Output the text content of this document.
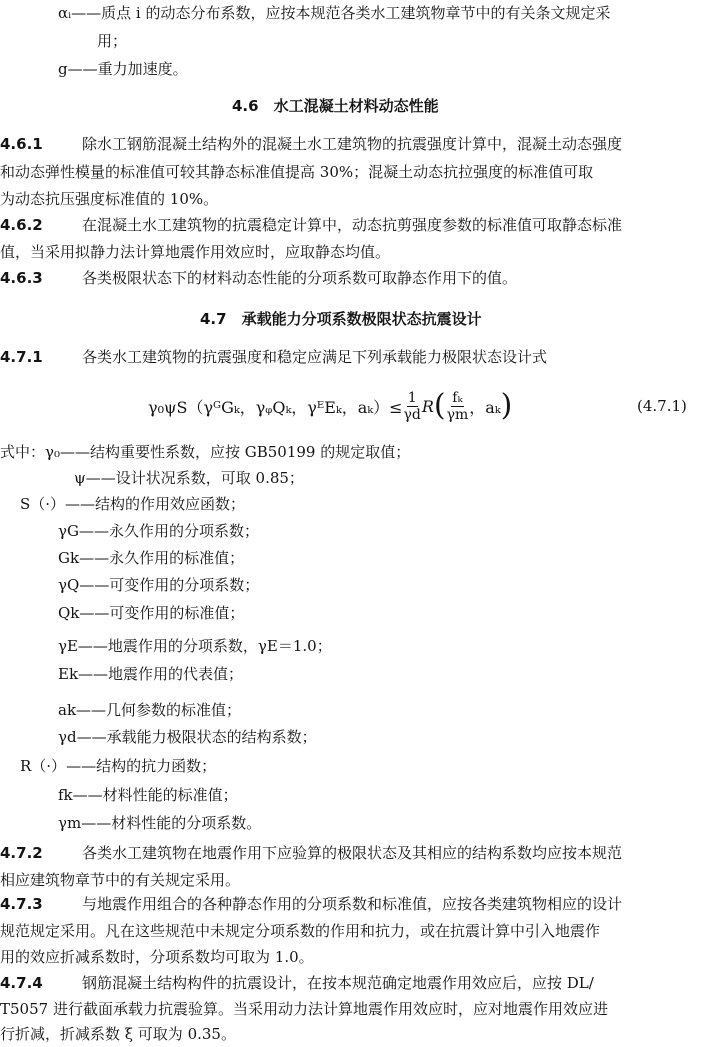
αᵢ——质点 i 的动态分布系数，应按本规范各类水工建筑物章节中的有关条文规定采
用；
g——重力加速度。
4.6　水工混凝土材料动态性能
4.6.1	除水工钢筋混凝土结构外的混凝土水工建筑物的抗震强度计算中，混凝土动态强度
和动态弹性模量的标准值可较其静态标准值提高 30%；混凝土动态抗拉强度的标准值可取
为动态抗压强度标准值的 10%。
4.6.2	在混凝土水工建筑物的抗震稳定计算中，动态抗剪强度参数的标准值可取静态标准
值，当采用拟静力法计算地震作用效应时，应取静态均值。
4.6.3	各类极限状态下的材料动态性能的分项系数可取静态作用下的值。
4.7　承载能力分项系数极限状态抗震设计
4.7.1	各类水工建筑物的抗震强度和稳定应满足下列承载能力极限状态设计式
γ₀ψS（γᴳGₖ，γᵩQₖ，γᴱEₖ，$a_k)\le \frac{1}{\gamma d}$ R ( $\frac{\text{fₖ}}{\gamma m}$ ，aₖ )	(4.7.1)
式中：γ₀——结构重要性系数，应按 GB50199 的规定取值；
ψ——设计状况系数，可取 0.85；
S（·）——结构的作用效应函数；
γG——永久作用的分项系数；
Gk——永久作用的标准值；
γQ——可变作用的分项系数；
Qk——可变作用的标准值；
γE——地震作用的分项系数，γE＝1.0；
Ek——地震作用的代表值；
ak——几何参数的标准值；
γd——承载能力极限状态的结构系数；
R（·）——结构的抗力函数；
fk——材料性能的标准值；
γm——材料性能的分项系数。
4.7.2	各类水工建筑物在地震作用下应验算的极限状态及其相应的结构系数均应按本规范
相应建筑物章节中的有关规定采用。
4.7.3	与地震作用组合的各种静态作用的分项系数和标准值，应按各类建筑物相应的设计
规范规定采用。凡在这些规范中未规定分项系数的作用和抗力，或在抗震计算中引入地震作
用的效应折减系数时，分项系数均可取为 1.0。
4.7.4	钢筋混凝土结构构件的抗震设计，在按本规范确定地震作用效应后，应按 DL/
T5057 进行截面承载力抗震验算。当采用动力法计算地震作用效应时，应对地震作用效应进
行折减，折减系数 ξ 可取为 0.35。
